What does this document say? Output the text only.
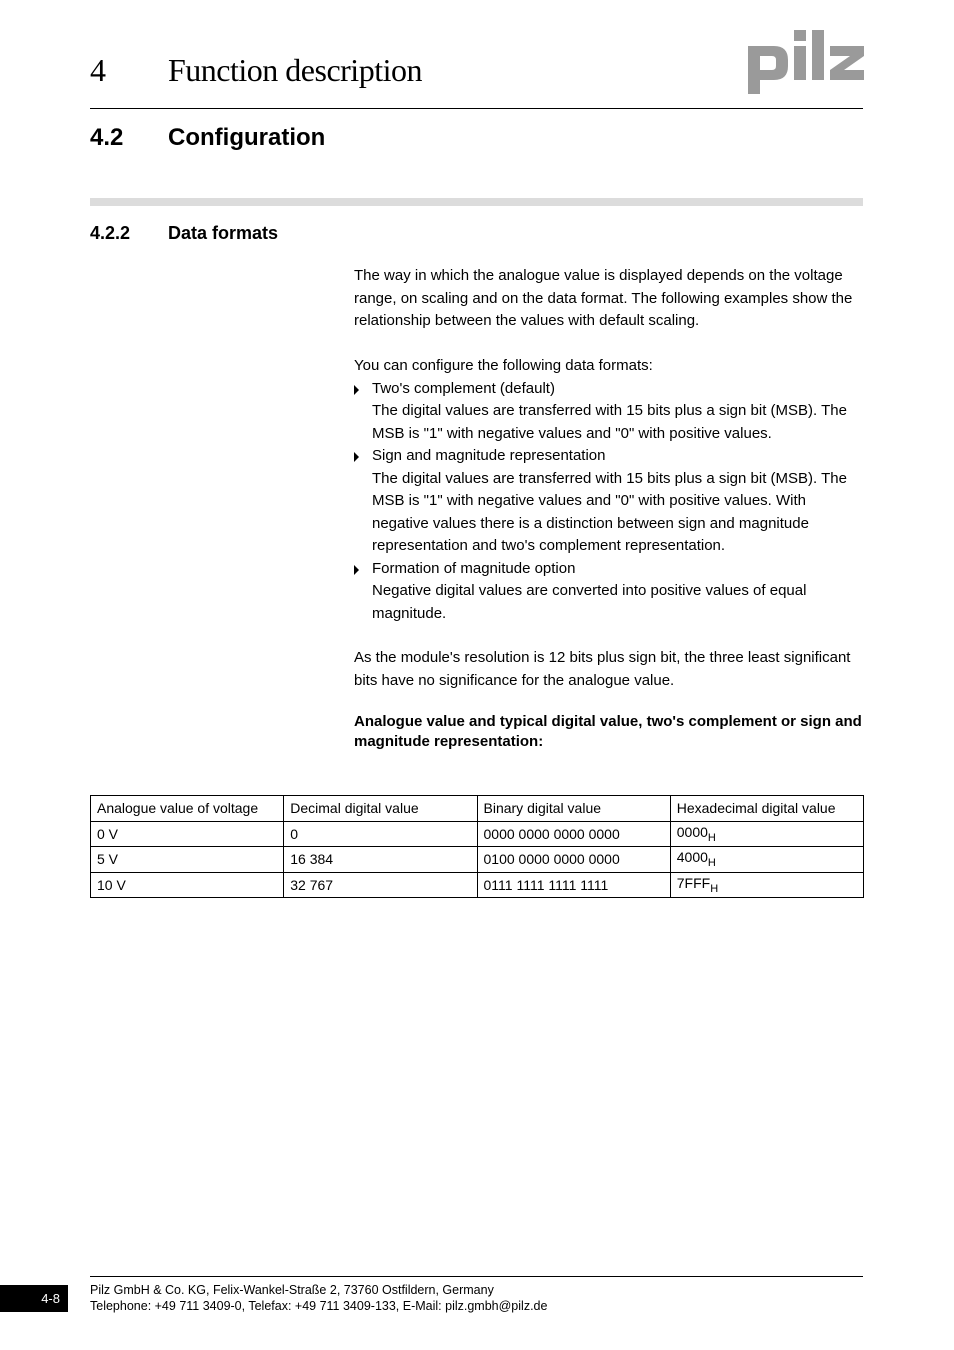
4 Function description
4.2 Configuration
4.2.2 Data formats

The way in which the analogue value is displayed depends on the voltage range, on scaling and on the data format. The following examples show the relationship between the values with default scaling.

You can configure the following data formats:
Two's complement (default)
The digital values are transferred with 15 bits plus a sign bit (MSB). The MSB is "1" with negative values and "0" with positive values.
Sign and magnitude representation
The digital values are transferred with 15 bits plus a sign bit (MSB). The MSB is "1" with negative values and "0" with positive values. With negative values there is a distinction between sign and magnitude representation and two's complement representation.
Formation of magnitude option
Negative digital values are converted into positive values of equal magnitude.

As the module's resolution is 12 bits plus sign bit, the three least significant bits have no significance for the analogue value.

Analogue value and typical digital value, two's complement or sign and magnitude representation:
Analogue value of voltage	Decimal digital value	Binary digital value	Hexadecimal digital value
0 V	0	0000 0000 0000 0000	$0000_H$
5 V	16 384	0100 0000 0000 0000	$4000_H$
10 V	32 767	0111 1111 1111 1111	$7FFF_H$
4-8
Pilz GmbH & Co. KG, Felix-Wankel-Straße 2, 73760 Ostfildern, Germany
Telephone: +49 711 3409-0, Telefax: +49 711 3409-133, E-Mail: pilz.gmbh@pilz.de
